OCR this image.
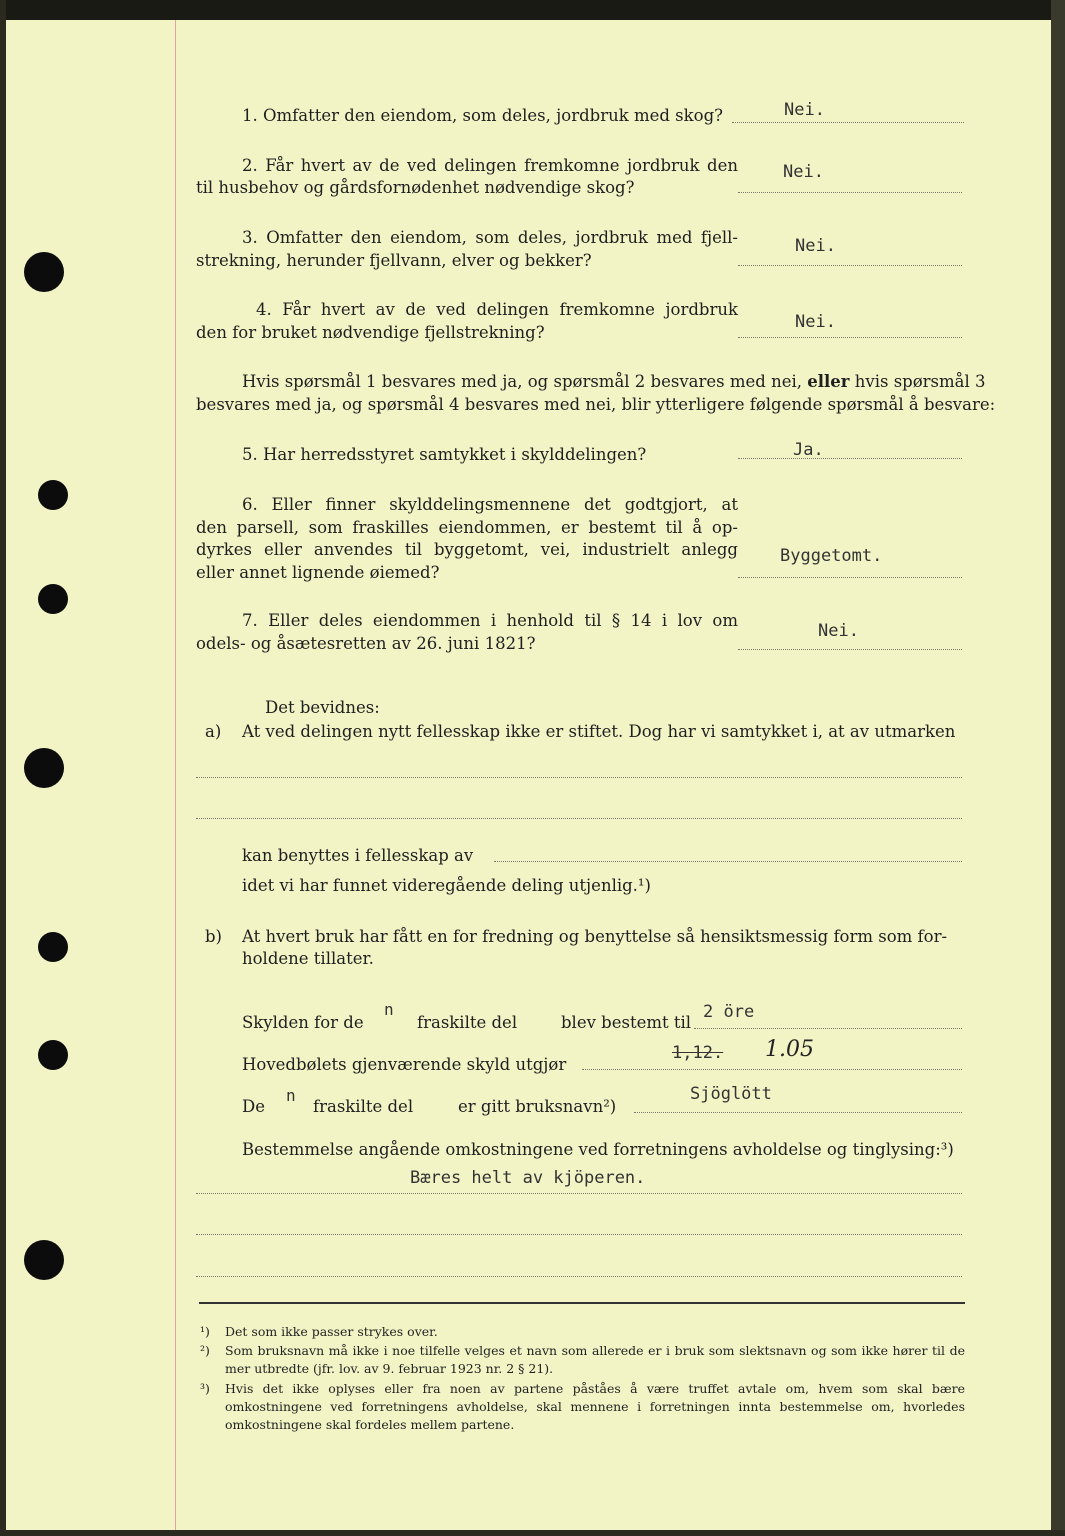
1. Omfatter den eiendom, som deles, jordbruk med skog?	Nei.
2. Får hvert av de ved delingen fremkomne jordbruk den
til husbehov og gårdsfornødenhet nødvendige skog?
Nei.
3. Omfatter den eiendom, som deles, jordbruk med fjell-
strekning, herunder fjellvann, elver og bekker?
Nei.
4. Får hvert av de ved delingen fremkomne jordbruk
den for bruket nødvendige fjellstrekning?
Nei.
Hvis spørsmål 1 besvares med ja, og spørsmål 2 besvares med nei, eller hvis spørsmål 3
besvares med ja, og spørsmål 4 besvares med nei, blir ytterligere følgende spørsmål å besvare:
5. Har herredsstyret samtykket i skylddelingen?	Ja.
6. Eller finner skylddelingsmennene det godtgjort, at
den parsell, som fraskilles eiendommen, er bestemt til å op-
dyrkes eller anvendes til byggetomt, vei, industrielt anlegg
eller annet lignende øiemed?
Byggetomt.
7. Eller deles eiendommen i henhold til § 14 i lov om
odels- og åsætesretten av 26. juni 1821?
Nei.
Det bevidnes:
a) At ved delingen nytt fellesskap ikke er stiftet. Dog har vi samtykket i, at av utmarken
kan benyttes i fellesskap av
idet vi har funnet videregående deling utjenlig.¹)
b) At hvert bruk har fått en for fredning og benyttelse så hensiktsmessig form som for-
holdene tillater.
Skylden for de
n
fraskilte del	blev bestemt til
2 öre
Hovedbølets gjenværende skyld utgjør
1,12. 1.05
De
n
fraskilte del	er gitt bruksnavn²)
Sjöglött
Bestemmelse angående omkostningene ved forretningens avholdelse og tinglysing:³)
Bæres helt av kjöperen.
¹) Det som ikke passer strykes over.
²) Som bruksnavn må ikke i noe tilfelle velges et navn som allerede er i bruk som slektsnavn og som ikke hører til de mer utbredte (jfr. lov. av 9. februar 1923 nr. 2 § 21).
³) Hvis det ikke oplyses eller fra noen av partene påståes å være truffet avtale om, hvem som skal bære omkostningene ved forretningens avholdelse, skal mennene i forretningen innta bestemmelse om, hvorledes omkostningene skal fordeles mellem partene.
